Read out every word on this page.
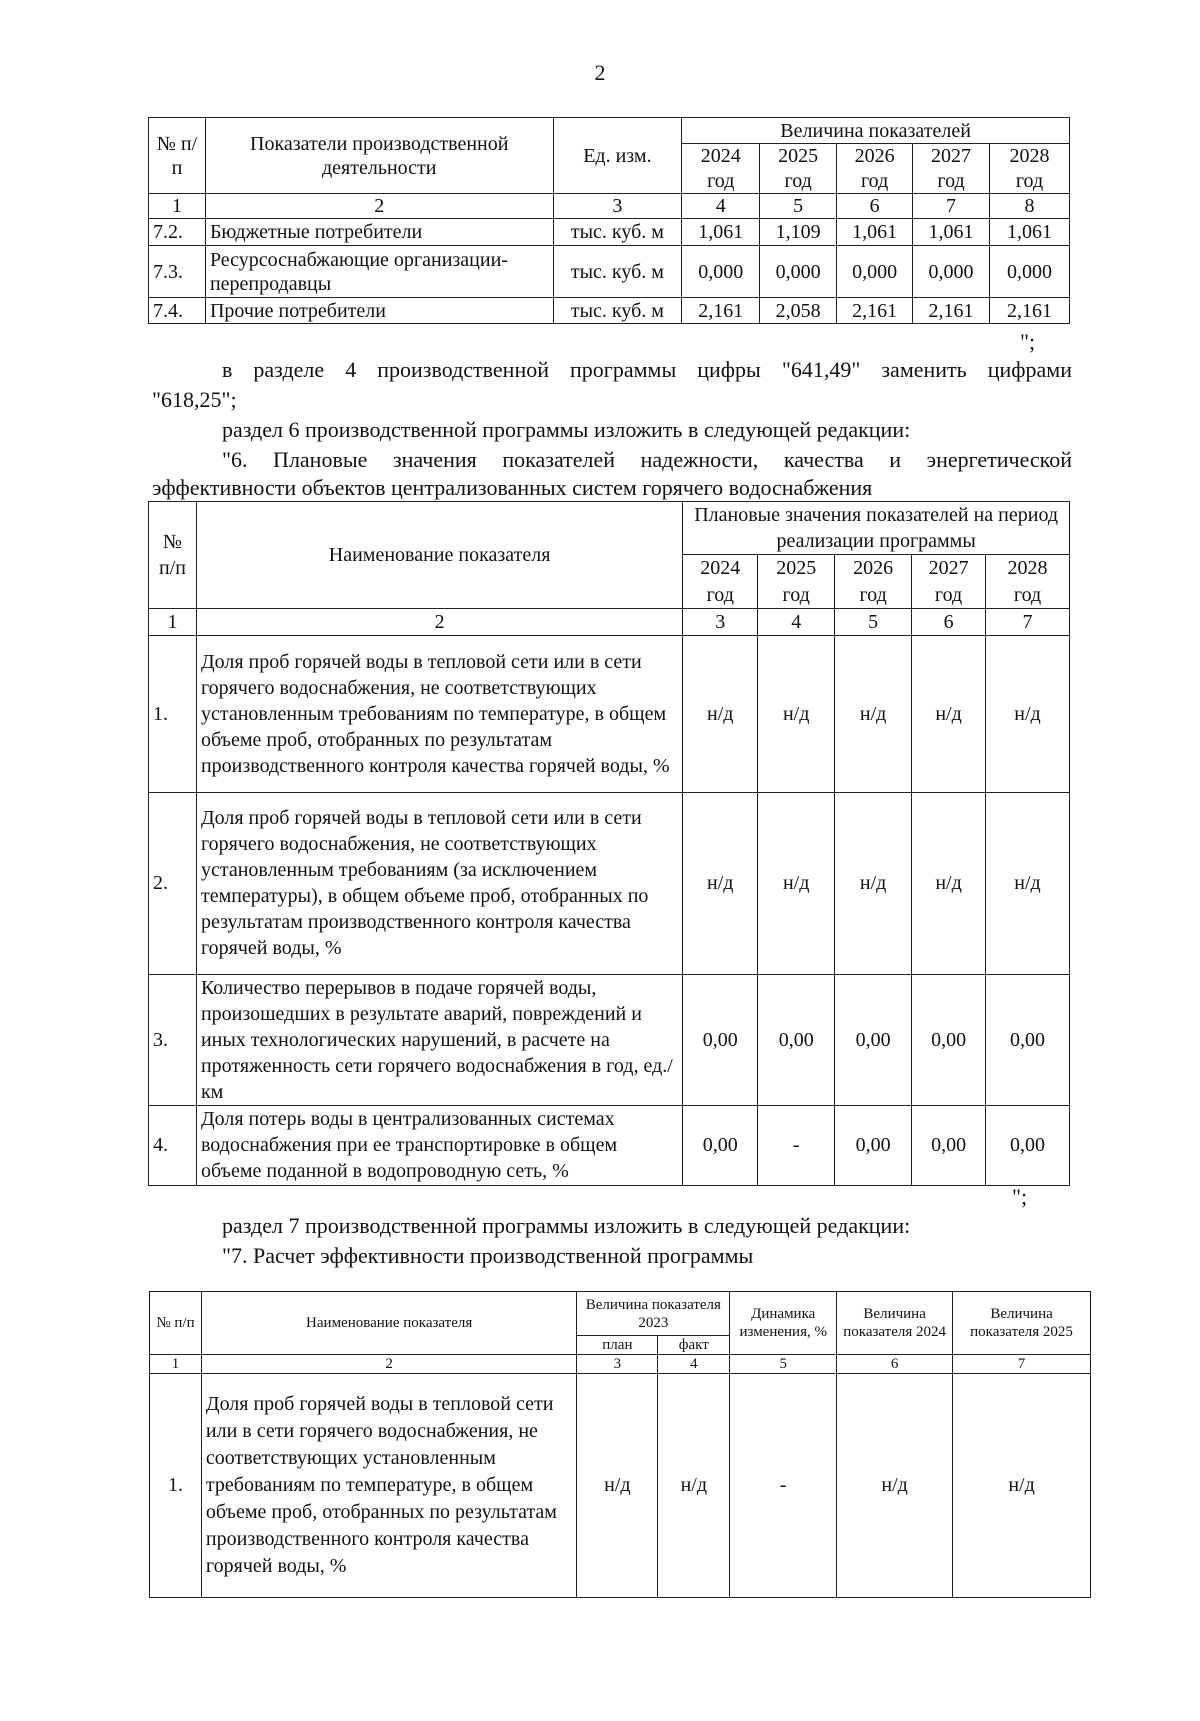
2
№ п/п	Показатели производственной деятельности	Ед. изм.	Величина показателей				
			2024	2025	2026	2027	2028
			год	год	год	год	год
1	2	3	4	5	6	7	8
7.2.	Бюджетные потребители	тыс. куб. м	1,061	1,109	1,061	1,061	1,061
7.3.	Ресурсоснабжающие организации-перепродавцы	тыс. куб. м	0,000	0,000	0,000	0,000	0,000
7.4.	Прочие потребители	тыс. куб. м	2,161	2,058	2,161	2,161	2,161
";
в разделе 4 производственной программы цифры "641,49" заменить цифрами
"618,25";
раздел 6 производственной программы изложить в следующей редакции:
"6. Плановые значения показателей надежности, качества и энергетической
эффективности объектов централизованных систем горячего водоснабжения
№ п/п	Наименование показателя	Плановые значения показателей на период реализации программы				
		2024	2025	2026	2027	2028
		год	год	год	год	год
1	2	3	4	5	6	7
1.	Доля проб горячей воды в тепловой сети или в сети горячего водоснабжения, не соответствующих установленным требованиям по температуре, в общем объеме проб, отобранных по результатам производственного контроля качества горячей воды, %	н/д	н/д	н/д	н/д	н/д
2.	Доля проб горячей воды в тепловой сети или в сети горячего водоснабжения, не соответствующих установленным требованиям (за исключением температуры), в общем объеме проб, отобранных по результатам производственного контроля качества горячей воды, %	н/д	н/д	н/д	н/д	н/д
3.	Количество перерывов в подаче горячей воды, произошедших в результате аварий, повреждений и иных технологических нарушений, в расчете на протяженность сети горячего водоснабжения в год, ед./км	0,00	0,00	0,00	0,00	0,00
4.	Доля потерь воды в централизованных системах водоснабжения при ее транспортировке в общем объеме поданной в водопроводную сеть, %	0,00	-	0,00	0,00	0,00
";
раздел 7 производственной программы изложить в следующей редакции:
"7. Расчет эффективности производственной программы
№ п/п	Наименование показателя	Величина показателя 2023		Динамика изменения, %	Величина показателя 2024	Величина показателя 2025
		план	факт			
1	2	3	4	5	6	7
1.	Доля проб горячей воды в тепловой сети или в сети горячего водоснабжения, не соответствующих установленным требованиям по температуре, в общем объеме проб, отобранных по результатам производственного контроля качества горячей воды, %	н/д	н/д	-	н/д	н/д
